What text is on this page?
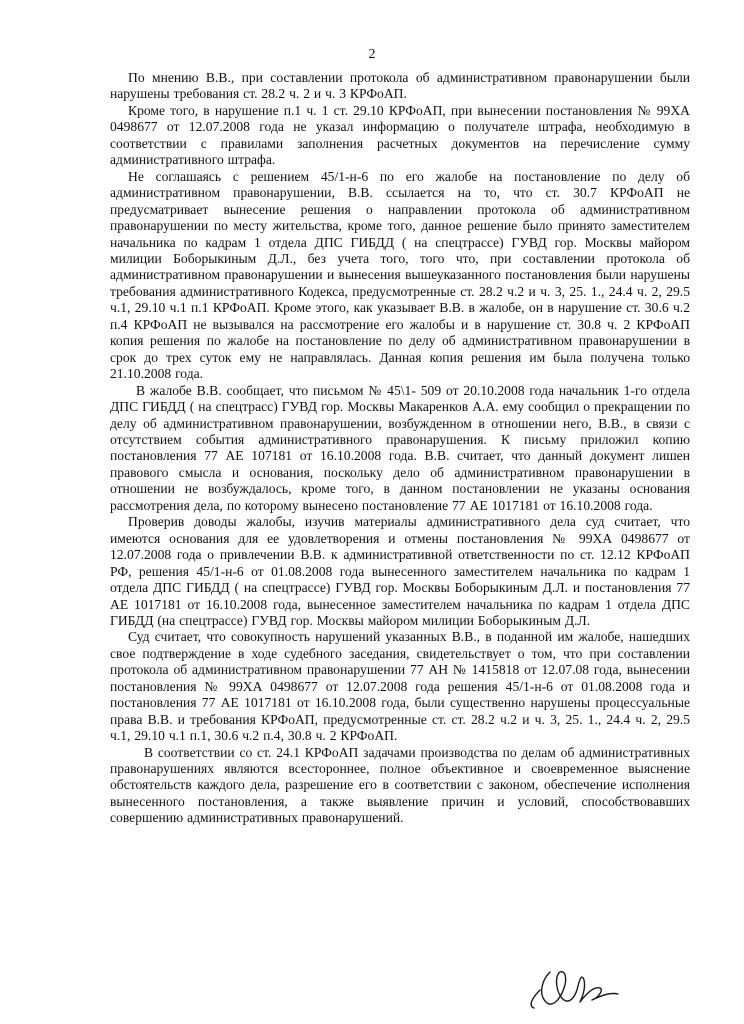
2

По мнению В.В., при составлении протокола об административном правонарушении были нарушены требования ст. 28.2 ч. 2 и ч. 3 КРФоАП.

Кроме того, в нарушение п.1 ч. 1 ст. 29.10 КРФоАП, при вынесении постановления № 99ХА 0498677 от 12.07.2008 года не указал информацию о получателе штрафа, необходимую в соответствии с правилами заполнения расчетных документов на перечисление сумму административного штрафа.

Не соглашаясь с решением 45/1-н-6 по его жалобе на постановление по делу об административном правонарушении, В.В. ссылается на то, что ст. 30.7 КРФоАП не предусматривает вынесение решения о направлении протокола об административном правонарушении по месту жительства, кроме того, данное решение было принято заместителем начальника по кадрам 1 отдела ДПС ГИБДД ( на спецтрассе) ГУВД гор. Москвы майором милиции Боборыкиным Д.Л., без учета того, того что, при составлении протокола об административном правонарушении и вынесения вышеуказанного постановления были нарушены требования административного Кодекса, предусмотренные ст. 28.2 ч.2 и ч. 3, 25. 1., 24.4 ч. 2, 29.5 ч.1, 29.10 ч.1 п.1 КРФоАП. Кроме этого, как указывает В.В. в жалобе, он в нарушение ст. 30.6 ч.2 п.4 КРФоАП не вызывался на рассмотрение его жалобы и в нарушение ст. 30.8 ч. 2 КРФоАП копия решения по жалобе на постановление по делу об административном правонарушении в срок до трех суток ему не направлялась. Данная копия решения им была получена только 21.10.2008 года.

В жалобе В.В. сообщает, что письмом № 45\1- 509 от 20.10.2008 года начальник 1-го отдела ДПС ГИБДД ( на спецтрасс) ГУВД гор. Москвы Макаренков А.А. ему сообщил о прекращении по делу об административном правонарушении, возбужденном в отношении него, В.В., в связи с отсутствием события административного правонарушения. К письму приложил копию постановления 77 АЕ 107181 от 16.10.2008 года. В.В. считает, что данный документ лишен правового смысла и основания, поскольку дело об административном правонарушении в отношении не возбуждалось, кроме того, в данном постановлении не указаны основания рассмотрения дела, по которому вынесено постановление 77 АЕ 1017181 от 16.10.2008 года.

Проверив доводы жалобы, изучив материалы административного дела суд считает, что имеются основания для ее удовлетворения и отмены постановления № 99ХА 0498677 от 12.07.2008 года о привлечении В.В. к административной ответственности по ст. 12.12 КРФоАП РФ, решения 45/1-н-6 от 01.08.2008 года вынесенного заместителем начальника по кадрам 1 отдела ДПС ГИБДД ( на спецтрассе) ГУВД гор. Москвы Боборыкиным Д.Л. и постановления 77 АЕ 1017181 от 16.10.2008 года, вынесенное заместителем начальника по кадрам 1 отдела ДПС ГИБДД (на спецтрассе) ГУВД гор. Москвы майором милиции Боборыкиным Д.Л.

Суд считает, что совокупность нарушений указанных В.В., в поданной им жалобе, нашедших свое подтверждение в ходе судебного заседания, свидетельствует о том, что при составлении протокола об административном правонарушении 77 АН № 1415818 от 12.07.08 года, вынесении постановления № 99ХА 0498677 от 12.07.2008 года решения 45/1-н-6 от 01.08.2008 года и постановления 77 АЕ 1017181 от 16.10.2008 года, были существенно нарушены процессуальные права В.В. и требования КРФоАП, предусмотренные ст. ст. 28.2 ч.2 и ч. 3, 25. 1., 24.4 ч. 2, 29.5 ч.1, 29.10 ч.1 п.1, 30.6 ч.2 п.4, 30.8 ч. 2 КРФоАП.

В соответствии со ст. 24.1 КРФоАП задачами производства по делам об административных правонарушениях являются всестороннее, полное объективное и своевременное выяснение обстоятельств каждого дела, разрешение его в соответствии с законом, обеспечение исполнения вынесенного постановления, а также выявление причин и условий, способствовавших совершению административных правонарушений.
